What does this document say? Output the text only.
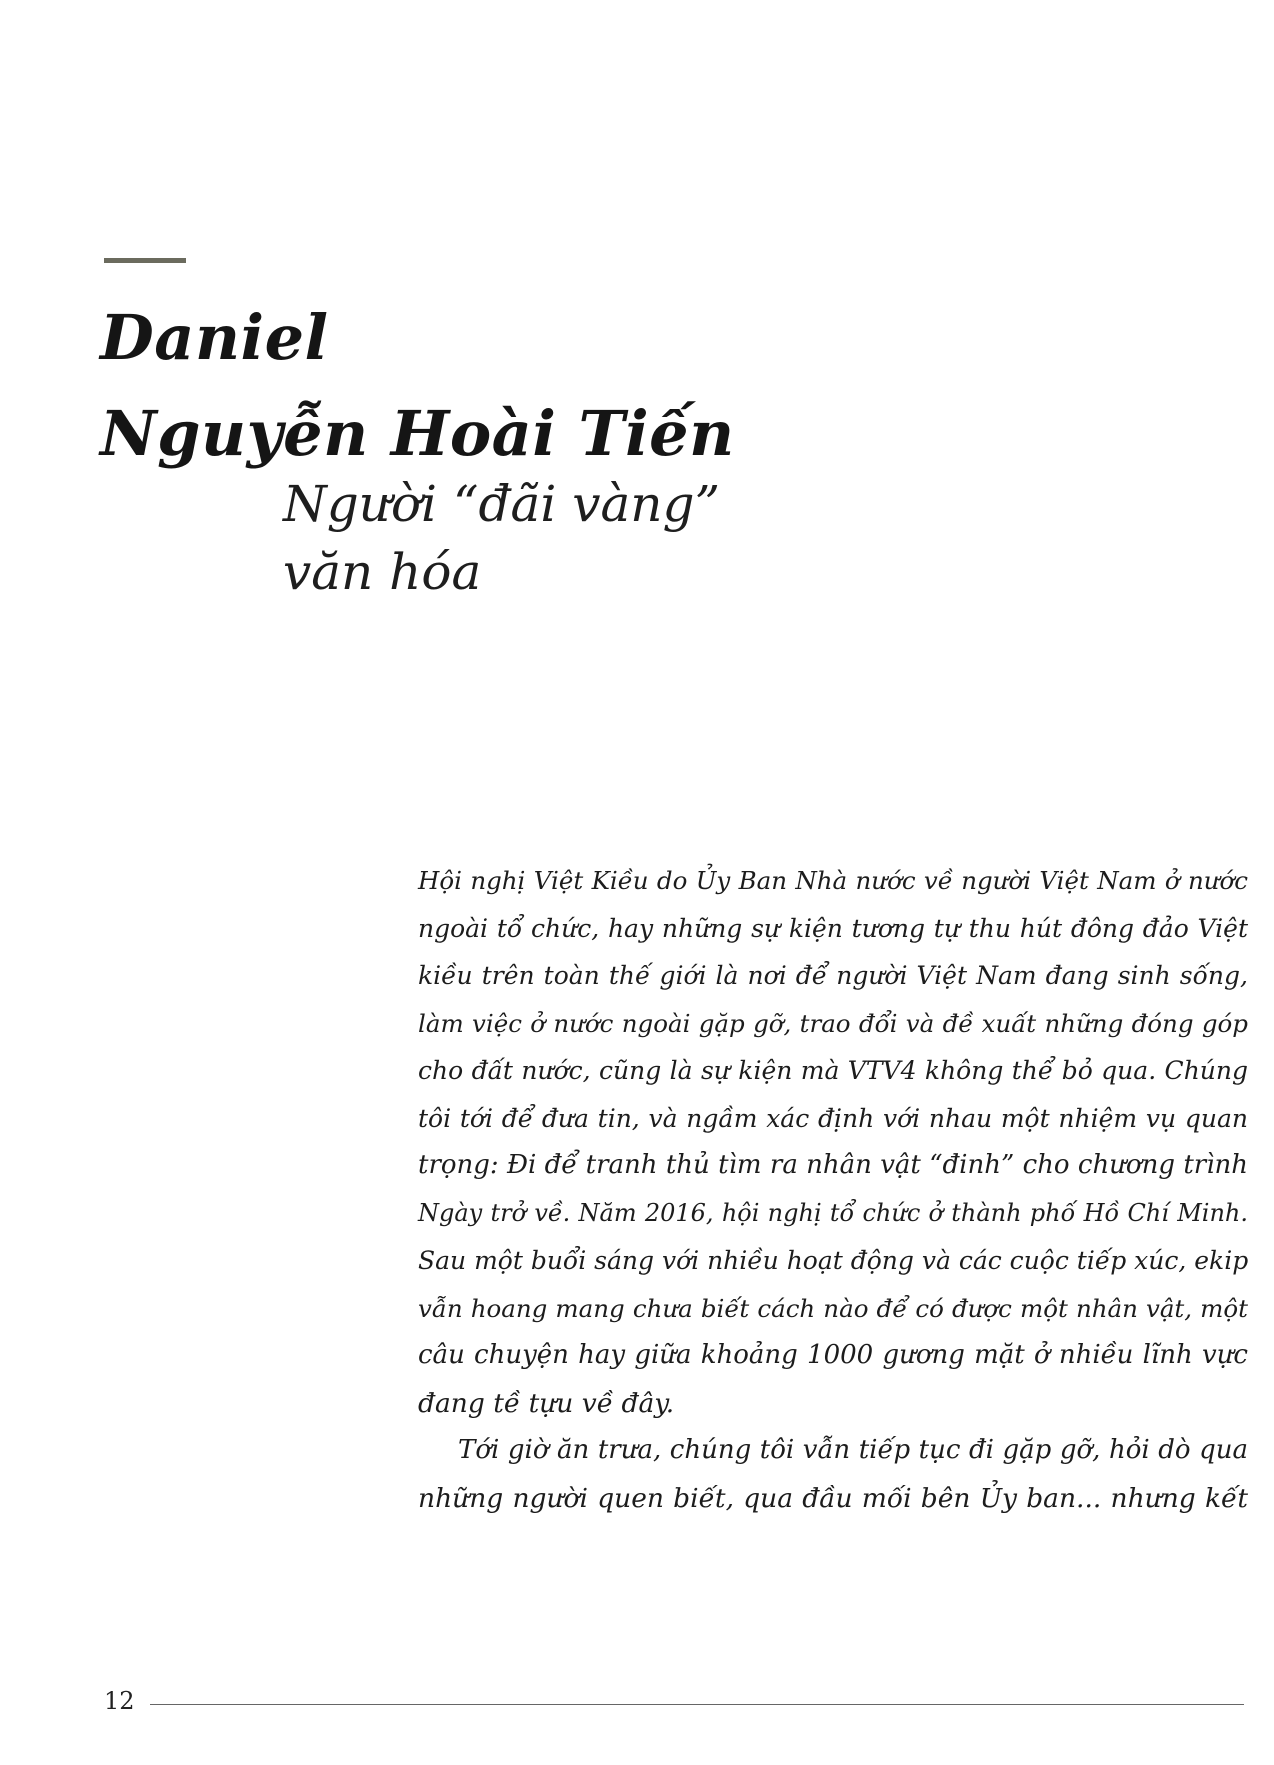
Daniel
Nguyễn Hoài Tiến
Người “đãi vàng”
văn hóa
Hội nghị Việt Kiều do Ủy Ban Nhà nước về người Việt Nam ở nước
ngoài tổ chức, hay những sự kiện tương tự thu hút đông đảo Việt
kiều trên toàn thế giới là nơi để người Việt Nam đang sinh sống,
làm việc ở nước ngoài gặp gỡ, trao đổi và đề xuất những đóng góp
cho đất nước, cũng là sự kiện mà VTV4 không thể bỏ qua. Chúng
tôi tới để đưa tin, và ngầm xác định với nhau một nhiệm vụ quan
trọng: Đi để tranh thủ tìm ra nhân vật “đinh” cho chương trình
Ngày trở về. Năm 2016, hội nghị tổ chức ở thành phố Hồ Chí Minh.
Sau một buổi sáng với nhiều hoạt động và các cuộc tiếp xúc, ekip
vẫn hoang mang chưa biết cách nào để có được một nhân vật, một
câu chuyện hay giữa khoảng 1000 gương mặt ở nhiều lĩnh vực
đang tề tựu về đây.
Tới giờ ăn trưa, chúng tôi vẫn tiếp tục đi gặp gỡ, hỏi dò qua
những người quen biết, qua đầu mối bên Ủy ban... nhưng kết
12
